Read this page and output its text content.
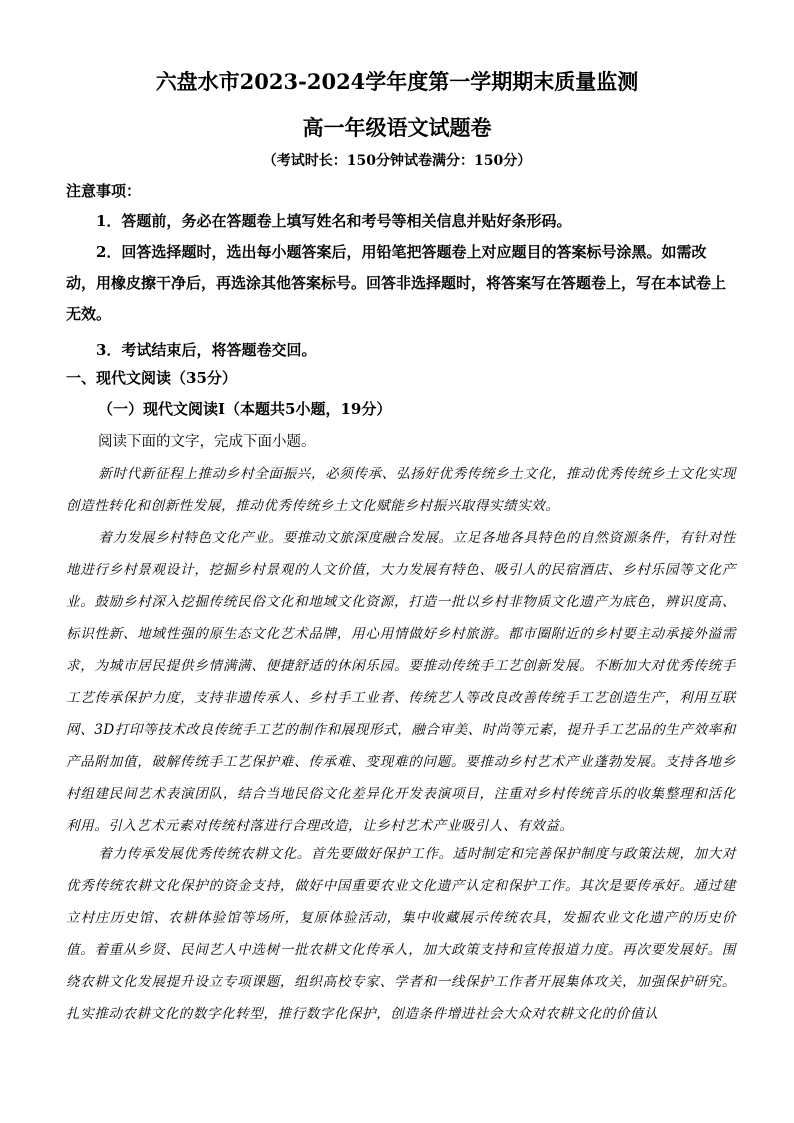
六盘水市2023-2024学年度第一学期期末质量监测
高一年级语文试题卷
（考试时长：150分钟试卷满分：150分）
注意事项：
1．答题前，务必在答题卷上填写姓名和考号等相关信息并贴好条形码。
2．回答选择题时，选出每小题答案后，用铅笔把答题卷上对应题目的答案标号涂黑。如需改动，用橡皮擦干净后，再选涂其他答案标号。回答非选择题时，将答案写在答题卷上，写在本试卷上无效。
3．考试结束后，将答题卷交回。
一、现代文阅读（35分）
（一）现代文阅读Ⅰ（本题共5小题，19分）
阅读下面的文字，完成下面小题。
新时代新征程上推动乡村全面振兴，必须传承、弘扬好优秀传统乡土文化，推动优秀传统乡土文化实现创造性转化和创新性发展，推动优秀传统乡土文化赋能乡村振兴取得实绩实效。
着力发展乡村特色文化产业。要推动文旅深度融合发展。立足各地各具特色的自然资源条件，有针对性地进行乡村景观设计，挖掘乡村景观的人文价值，大力发展有特色、吸引人的民宿酒店、乡村乐园等文化产业。鼓励乡村深入挖掘传统民俗文化和地域文化资源，打造一批以乡村非物质文化遗产为底色，辨识度高、标识性新、地域性强的原生态文化艺术品牌，用心用情做好乡村旅游。都市圈附近的乡村要主动承接外溢需求，为城市居民提供乡情满满、便捷舒适的休闲乐园。要推动传统手工艺创新发展。不断加大对优秀传统手工艺传承保护力度，支持非遗传承人、乡村手工业者、传统艺人等改良改善传统手工艺创造生产，利用互联网、3D打印等技术改良传统手工艺的制作和展现形式，融合审美、时尚等元素，提升手工艺品的生产效率和产品附加值，破解传统手工艺保护难、传承难、变现难的问题。要推动乡村艺术产业蓬勃发展。支持各地乡村组建民间艺术表演团队，结合当地民俗文化差异化开发表演项目，注重对乡村传统音乐的收集整理和活化利用。引入艺术元素对传统村落进行合理改造，让乡村艺术产业吸引人、有效益。
着力传承发展优秀传统农耕文化。首先要做好保护工作。适时制定和完善保护制度与政策法规，加大对优秀传统农耕文化保护的资金支持，做好中国重要农业文化遗产认定和保护工作。其次是要传承好。通过建立村庄历史馆、农耕体验馆等场所，复原体验活动，集中收藏展示传统农具，发掘农业文化遗产的历史价值。着重从乡贤、民间艺人中选树一批农耕文化传承人，加大政策支持和宣传报道力度。再次要发展好。围绕农耕文化发展提升设立专项课题，组织高校专家、学者和一线保护工作者开展集体攻关，加强保护研究。扎实推动农耕文化的数字化转型，推行数字化保护，创造条件增进社会大众对农耕文化的价值认
